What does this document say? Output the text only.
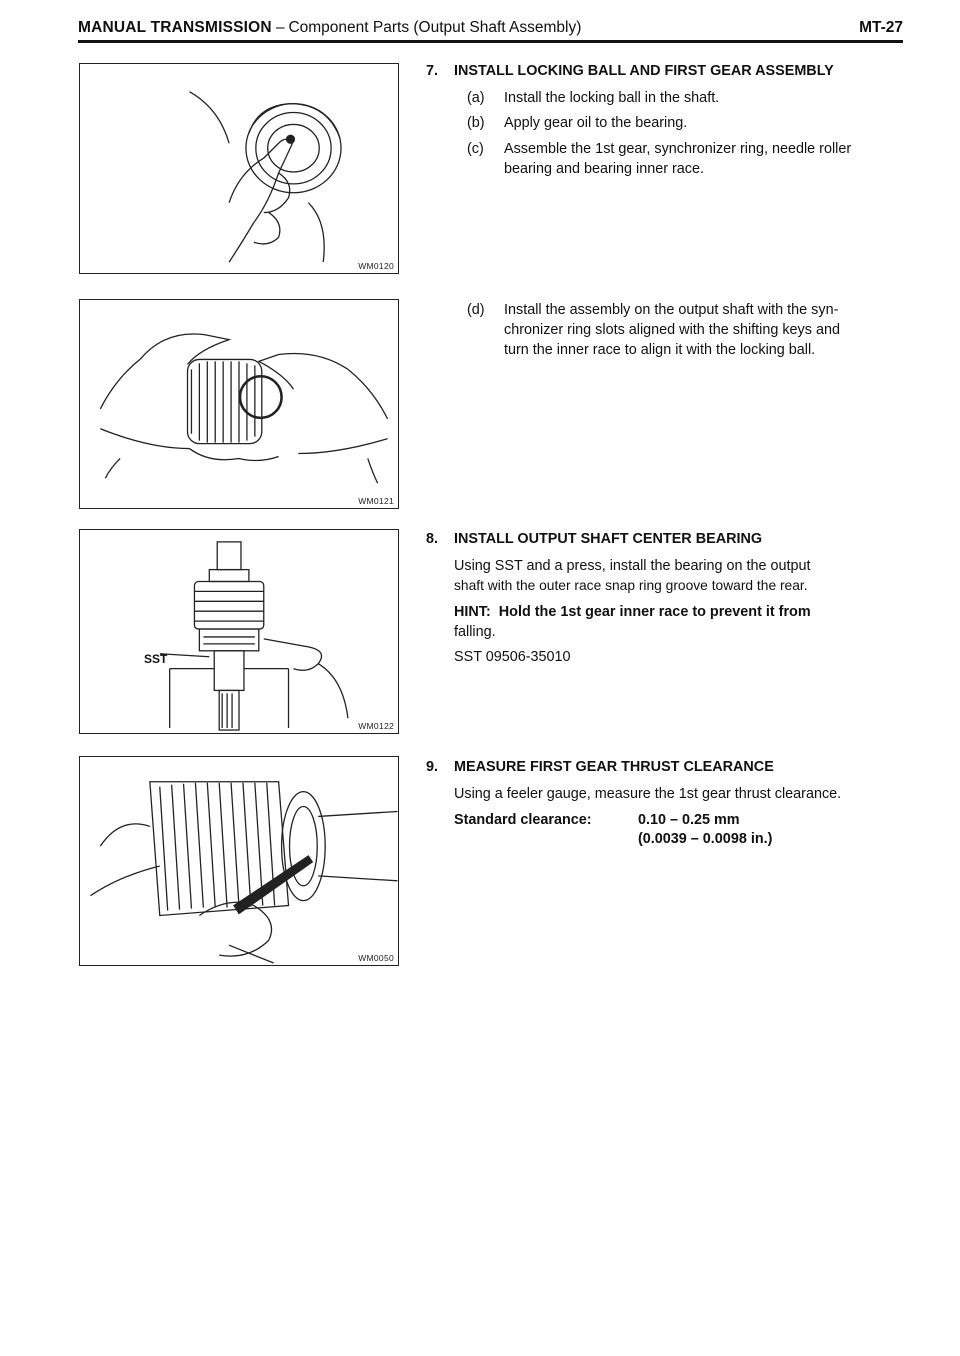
MANUAL TRANSMISSION – Component Parts (Output Shaft Assembly)	MT-27
WM0120
WM0121
SST
WM0122
WM0050
7. INSTALL LOCKING BALL AND FIRST GEAR ASSEMBLY
(a) Install the locking ball in the shaft.
(b) Apply gear oil to the bearing.
(c) Assemble the 1st gear, synchronizer ring, needle roller
bearing and bearing inner race.
(d) Install the assembly on the output shaft with the syn-
chronizer ring slots aligned with the shifting keys and
turn the inner race to align it with the locking ball.
8. INSTALL OUTPUT SHAFT CENTER BEARING
Using SST and a press, install the bearing on the output
shaft with the outer race snap ring groove toward the rear.
HINT: Hold the 1st gear inner race to prevent it from
falling.
SST 09506-35010
9. MEASURE FIRST GEAR THRUST CLEARANCE
Using a feeler gauge, measure the 1st gear thrust clearance.
Standard clearance:	0.10 – 0.25 mm
(0.0039 – 0.0098 in.)
